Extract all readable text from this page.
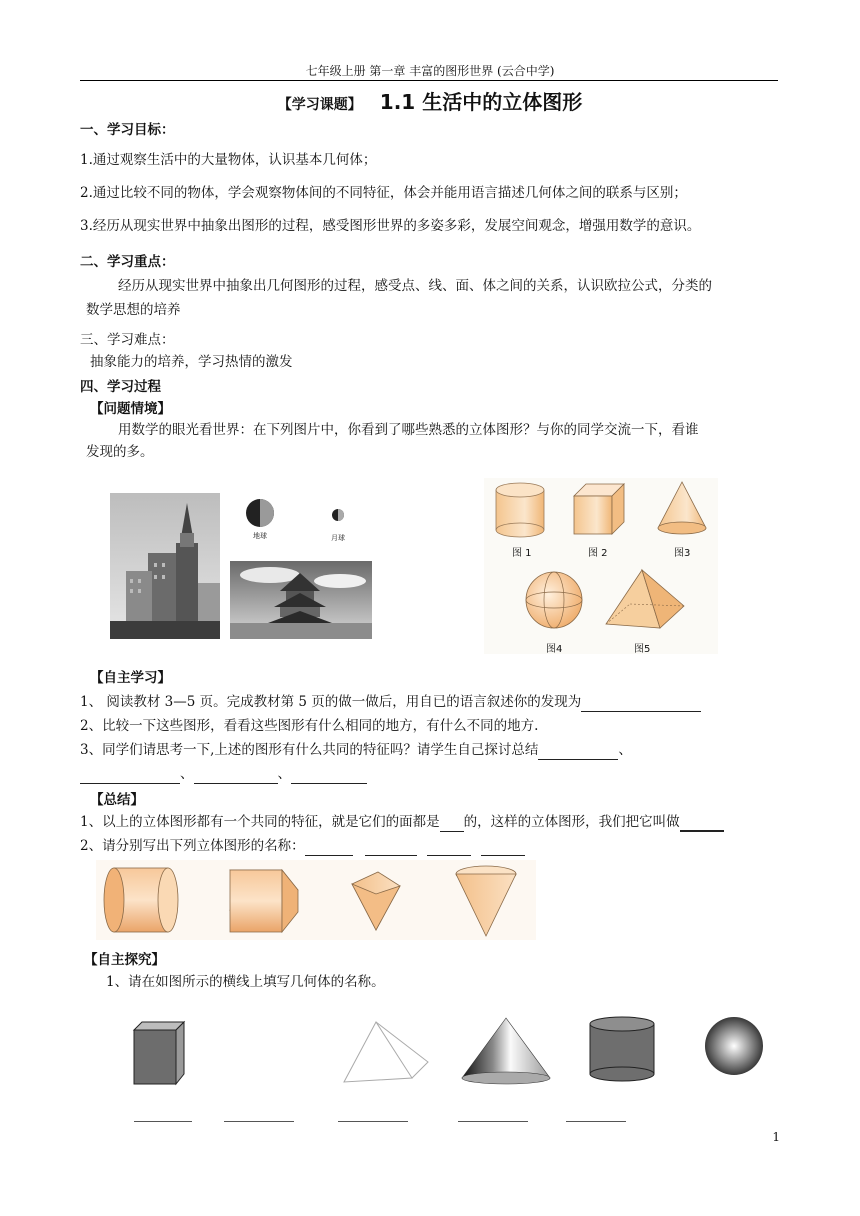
七年级上册 第一章 丰富的图形世界 (云合中学)
【学习课题】 1.1 生活中的立体图形
一、学习目标：
1.通过观察生活中的大量物体，认识基本几何体；
2.通过比较不同的物体，学会观察物体间的不同特征，体会并能用语言描述几何体之间的联系与区别；
3.经历从现实世界中抽象出图形的过程，感受图形世界的多姿多彩，发展空间观念，增强用数学的意识。
二、学习重点：
经历从现实世界中抽象出几何图形的过程，感受点、线、面、体之间的关系，认识欧拉公式，分类的
数学思想的培养
三、学习难点：
抽象能力的培养，学习热情的激发
四、学习过程
【问题情境】
用数学的眼光看世界：在下列图片中，你看到了哪些熟悉的立体图形？与你的同学交流一下，看谁
发现的多。
地球	月球
图 1	图 2	图3
图4	图5
【自主学习】
1、 阅读教材 3—5 页。完成教材第 5 页的做一做后，用自已的语言叙述你的发现为
2、比较一下这些图形，看看这些图形有什么相同的地方，有什么不同的地方.
3、同学们请思考一下,上述的图形有什么共同的特征吗？请学生自己探讨总结	、
、	、
【总结】
1、以上的立体图形都有一个共同的特征，就是它们的面都是 的，这样的立体图形，我们把它叫做
2、请分别写出下列立体图形的名称：
【自主探究】
1、请在如图所示的横线上填写几何体的名称。
1
